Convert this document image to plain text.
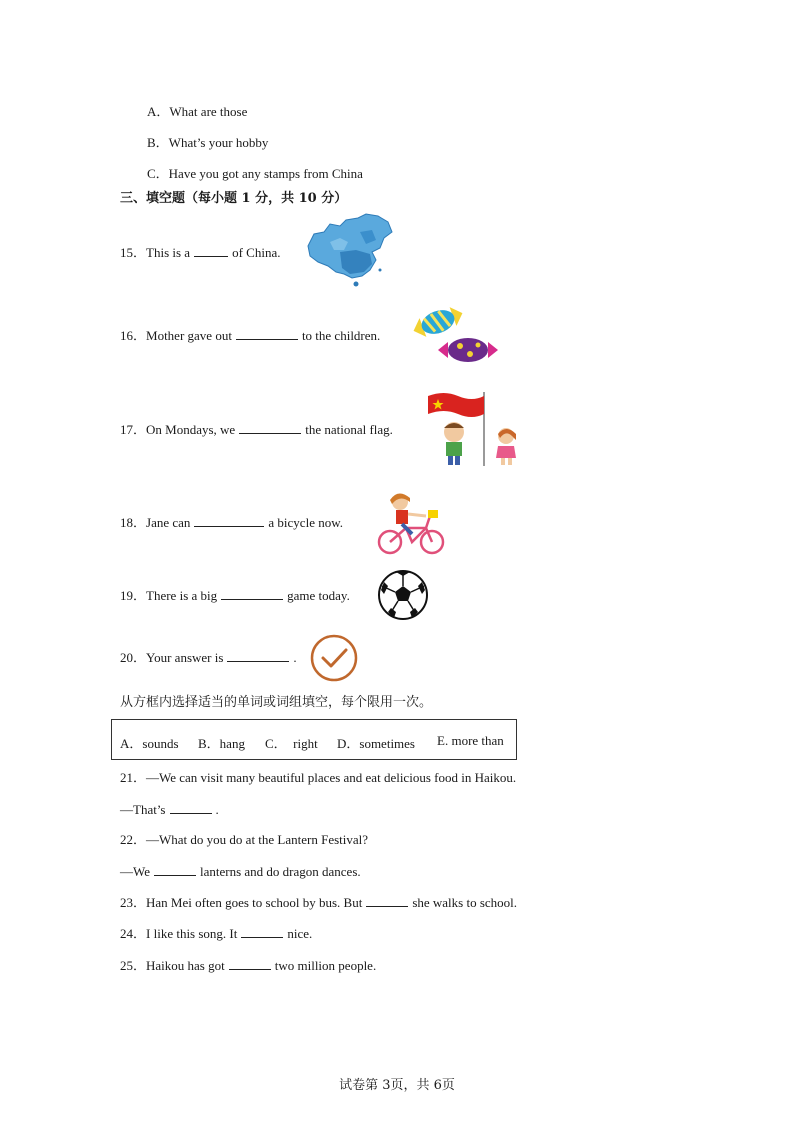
A．What are those
B．What’s your hobby
C．Have you got any stamps from China
三、填空题（每小题 1 分，共 10 分）
15．This is a	of China.
16．Mother gave out	to the children.
17．On Mondays, we	the national flag.
18．Jane can	a bicycle now.
19．There is a big	game today.
20．Your answer is	.
从方框内选择适当的单词或词组填空，每个限用一次。
A．sounds B．hang C． right D．sometimes E. more than
21．—We can visit many beautiful places and eat delicious food in Haikou.
—That’s	.
22．—What do you do at the Lantern Festival?
—We	lanterns and do dragon dances.
23．Han Mei often goes to school by bus. But	she walks to school.
24．I like this song. It	nice.
25．Haikou has got	two million people.
试卷第 3页，共 6页
